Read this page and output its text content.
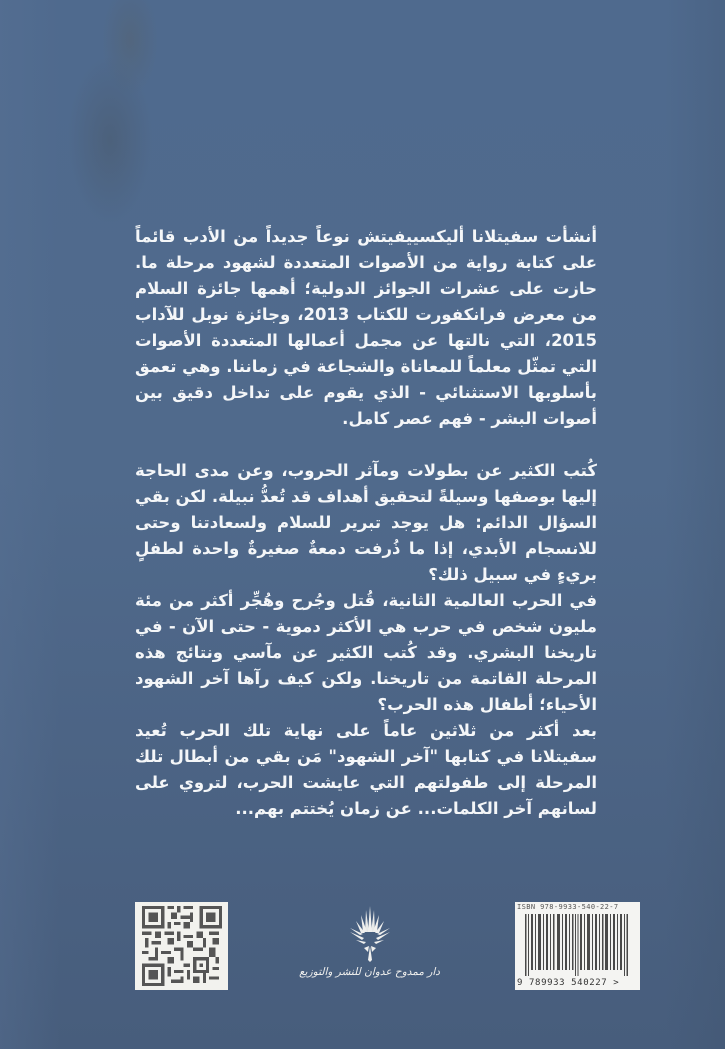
أنشأت سفيتلانا أليكسييفيتش نوعاً جديداً من الأدب قائماً على كتابة رواية من الأصوات المتعددة لشهود مرحلة ما. حازت على عشرات الجوائز الدولية؛ أهمها جائزة السلام من معرض فرانكفورت للكتاب 2013، وجائزة نوبل للآداب 2015، التي نالتها عن مجمل أعمالها المتعددة الأصوات التي تمثّل معلماً للمعاناة والشجاعة في زماننا. وهي تعمق بأسلوبها الاستثنائي - الذي يقوم على تداخل دقيق بين أصوات البشر - فهم عصر كامل.

كُتب الكثير عن بطولات ومآثر الحروب، وعن مدى الحاجة إليها بوصفها وسيلةً لتحقيق أهداف قد تُعدُّ نبيلة. لكن بقي السؤال الدائم: هل يوجد تبرير للسلام ولسعادتنا وحتى للانسجام الأبدي، إذا ما ذُرفت دمعةٌ صغيرةٌ واحدة لطفلٍ بريءٍ في سبيل ذلك؟

في الحرب العالمية الثانية، قُتل وجُرح وهُجِّر أكثر من مئة مليون شخص في حرب هي الأكثر دموية - حتى الآن - في تاريخنا البشري. وقد كُتب الكثير عن مآسي ونتائج هذه المرحلة القاتمة من تاريخنا. ولكن كيف رآها آخر الشهود الأحياء؛ أطفال هذه الحرب؟

بعد أكثر من ثلاثين عاماً على نهاية تلك الحرب تُعيد سفيتلانا في كتابها "آخر الشهود" مَن بقي من أبطال تلك المرحلة إلى طفولتهم التي عايشت الحرب، لتروي على لسانهم آخر الكلمات... عن زمان يُختتم بهم...

دار ممدوح عدوان للنشر والتوزيع
ISBN 978-9933-540-22-7
9 789933 540227 >
